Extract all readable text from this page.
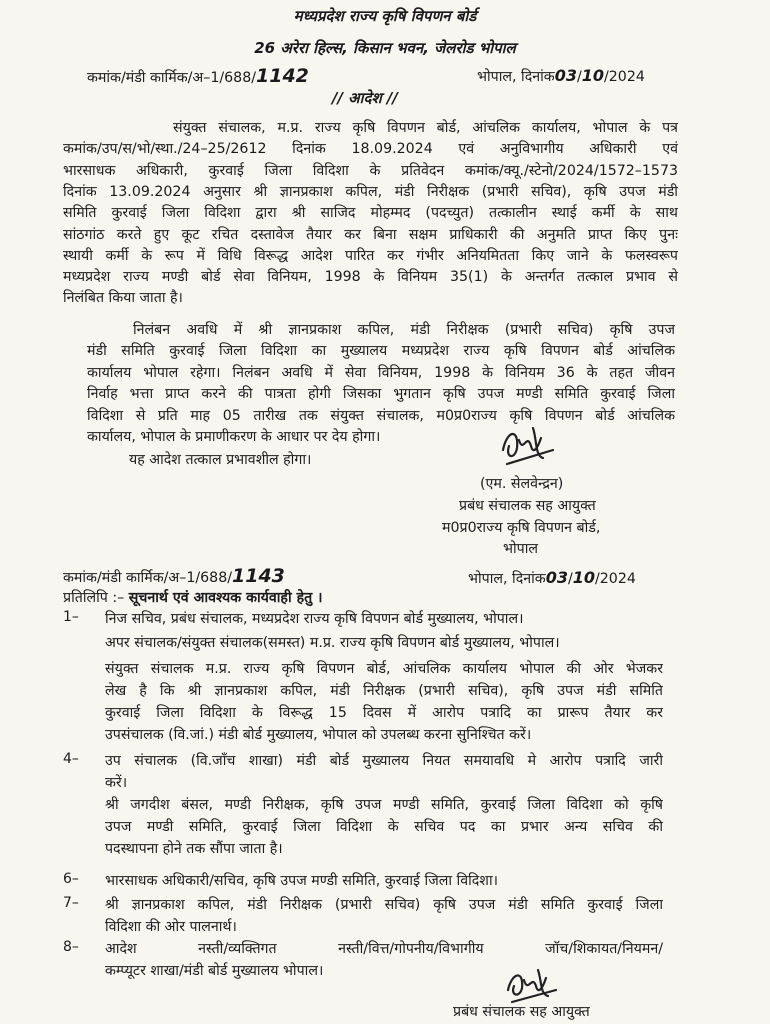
मध्यप्रदेश राज्य कृषि विपणन बोर्ड
26 अरेरा हिल्स, किसान भवन, जेलरोड भोपाल
कमांक/मंडी कार्मिक/अ–1/688/1142	भोपाल, दिनांक03/10/2024
// आदेश //
संयुक्त संचालक, म.प्र. राज्य कृषि विपणन बोर्ड, आंचलिक कार्यालय, भोपाल के पत्र
कमांक/उप/स/भो/स्था./24–25/2612 दिनांक 18.09.2024 एवं अनुविभागीय अधिकारी एवं
भारसाधक अधिकारी, कुरवाई जिला विदिशा के प्रतिवेदन कमांक/क्यू./स्टेनो/2024/1572–1573
दिनांक 13.09.2024 अनुसार श्री ज्ञानप्रकाश कपिल, मंडी निरीक्षक (प्रभारी सचिव), कृषि उपज मंडी
समिति कुरवाई जिला विदिशा द्वारा श्री साजिद मोहम्मद (पदच्युत) तत्कालीन स्थाई कर्मी के साथ
सांठगांठ करते हुए कूट रचित दस्तावेज तैयार कर बिना सक्षम प्राधिकारी की अनुमति प्राप्त किए पुनः
स्थायी कर्मी के रूप में विधि विरूद्ध आदेश पारित कर गंभीर अनियमितता किए जाने के फलस्वरूप
मध्यप्रदेश राज्य मण्डी बोर्ड सेवा विनियम, 1998 के विनियम 35(1) के अन्तर्गत तत्काल प्रभाव से
निलंबित किया जाता है।
निलंबन अवधि में श्री ज्ञानप्रकाश कपिल, मंडी निरीक्षक (प्रभारी सचिव) कृषि उपज
मंडी समिति कुरवाई जिला विदिशा का मुख्यालय मध्यप्रदेश राज्य कृषि विपणन बोर्ड आंचलिक
कार्यालय भोपाल रहेगा। निलंबन अवधि में सेवा विनियम, 1998 के विनियम 36 के तहत जीवन
निर्वाह भत्ता प्राप्त करने की पात्रता होगी जिसका भुगतान कृषि उपज मण्डी समिति कुरवाई जिला
विदिशा से प्रति माह 05 तारीख तक संयुक्त संचालक, म0प्र0राज्य कृषि विपणन बोर्ड आंचलिक
कार्यालय, भोपाल के प्रमाणीकरण के आधार पर देय होगा।
यह आदेश तत्काल प्रभावशील होगा।
(एम. सेलवेन्द्रन)
प्रबंध संचालक सह आयुक्त
म0प्र0राज्य कृषि विपणन बोर्ड,
भोपाल
कमांक/मंडी कार्मिक/अ–1/688/1143	भोपाल, दिनांक03/10/2024
प्रतिलिपि :– सूचनार्थ एवं आवश्यक कार्यवाही हेतु ।
1– निज सचिव, प्रबंध संचालक, मध्यप्रदेश राज्य कृषि विपणन बोर्ड मुख्यालय, भोपाल।
अपर संचालक/संयुक्त संचालक(समस्त) म.प्र. राज्य कृषि विपणन बोर्ड मुख्यालय, भोपाल।
संयुक्त संचालक म.प्र. राज्य कृषि विपणन बोर्ड, आंचलिक कार्यालय भोपाल की ओर भेजकर
लेख है कि श्री ज्ञानप्रकाश कपिल, मंडी निरीक्षक (प्रभारी सचिव), कृषि उपज मंडी समिति
कुरवाई जिला विदिशा के विरूद्ध 15 दिवस में आरोप पत्रादि का प्रारूप तैयार कर
उपसंचालक (वि.जां.) मंडी बोर्ड मुख्यालय, भोपाल को उपलब्ध करना सुनिश्चित करें।
4– उप संचालक (वि.जाँच शाखा) मंडी बोर्ड मुख्यालय नियत समयावधि मे आरोप पत्रादि जारी
करें।
श्री जगदीश बंसल, मण्डी निरीक्षक, कृषि उपज मण्डी समिति, कुरवाई जिला विदिशा को कृषि
उपज मण्डी समिति, कुरवाई जिला विदिशा के सचिव पद का प्रभार अन्य सचिव की
पदस्थापना होने तक सौंपा जाता है।
6– भारसाधक अधिकारी/सचिव, कृषि उपज मण्डी समिति, कुरवाई जिला विदिशा।
7– श्री ज्ञानप्रकाश कपिल, मंडी निरीक्षक (प्रभारी सचिव) कृषि उपज मंडी समिति कुरवाई जिला
विदिशा की ओर पालनार्थ।
8– आदेश नस्ती/व्यक्तिगत नस्ती/वित्त/गोपनीय/विभागीय जॉच/शिकायत/नियमन/
कम्प्यूटर शाखा/मंडी बोर्ड मुख्यालय भोपाल।
प्रबंध संचालक सह आयुक्त
